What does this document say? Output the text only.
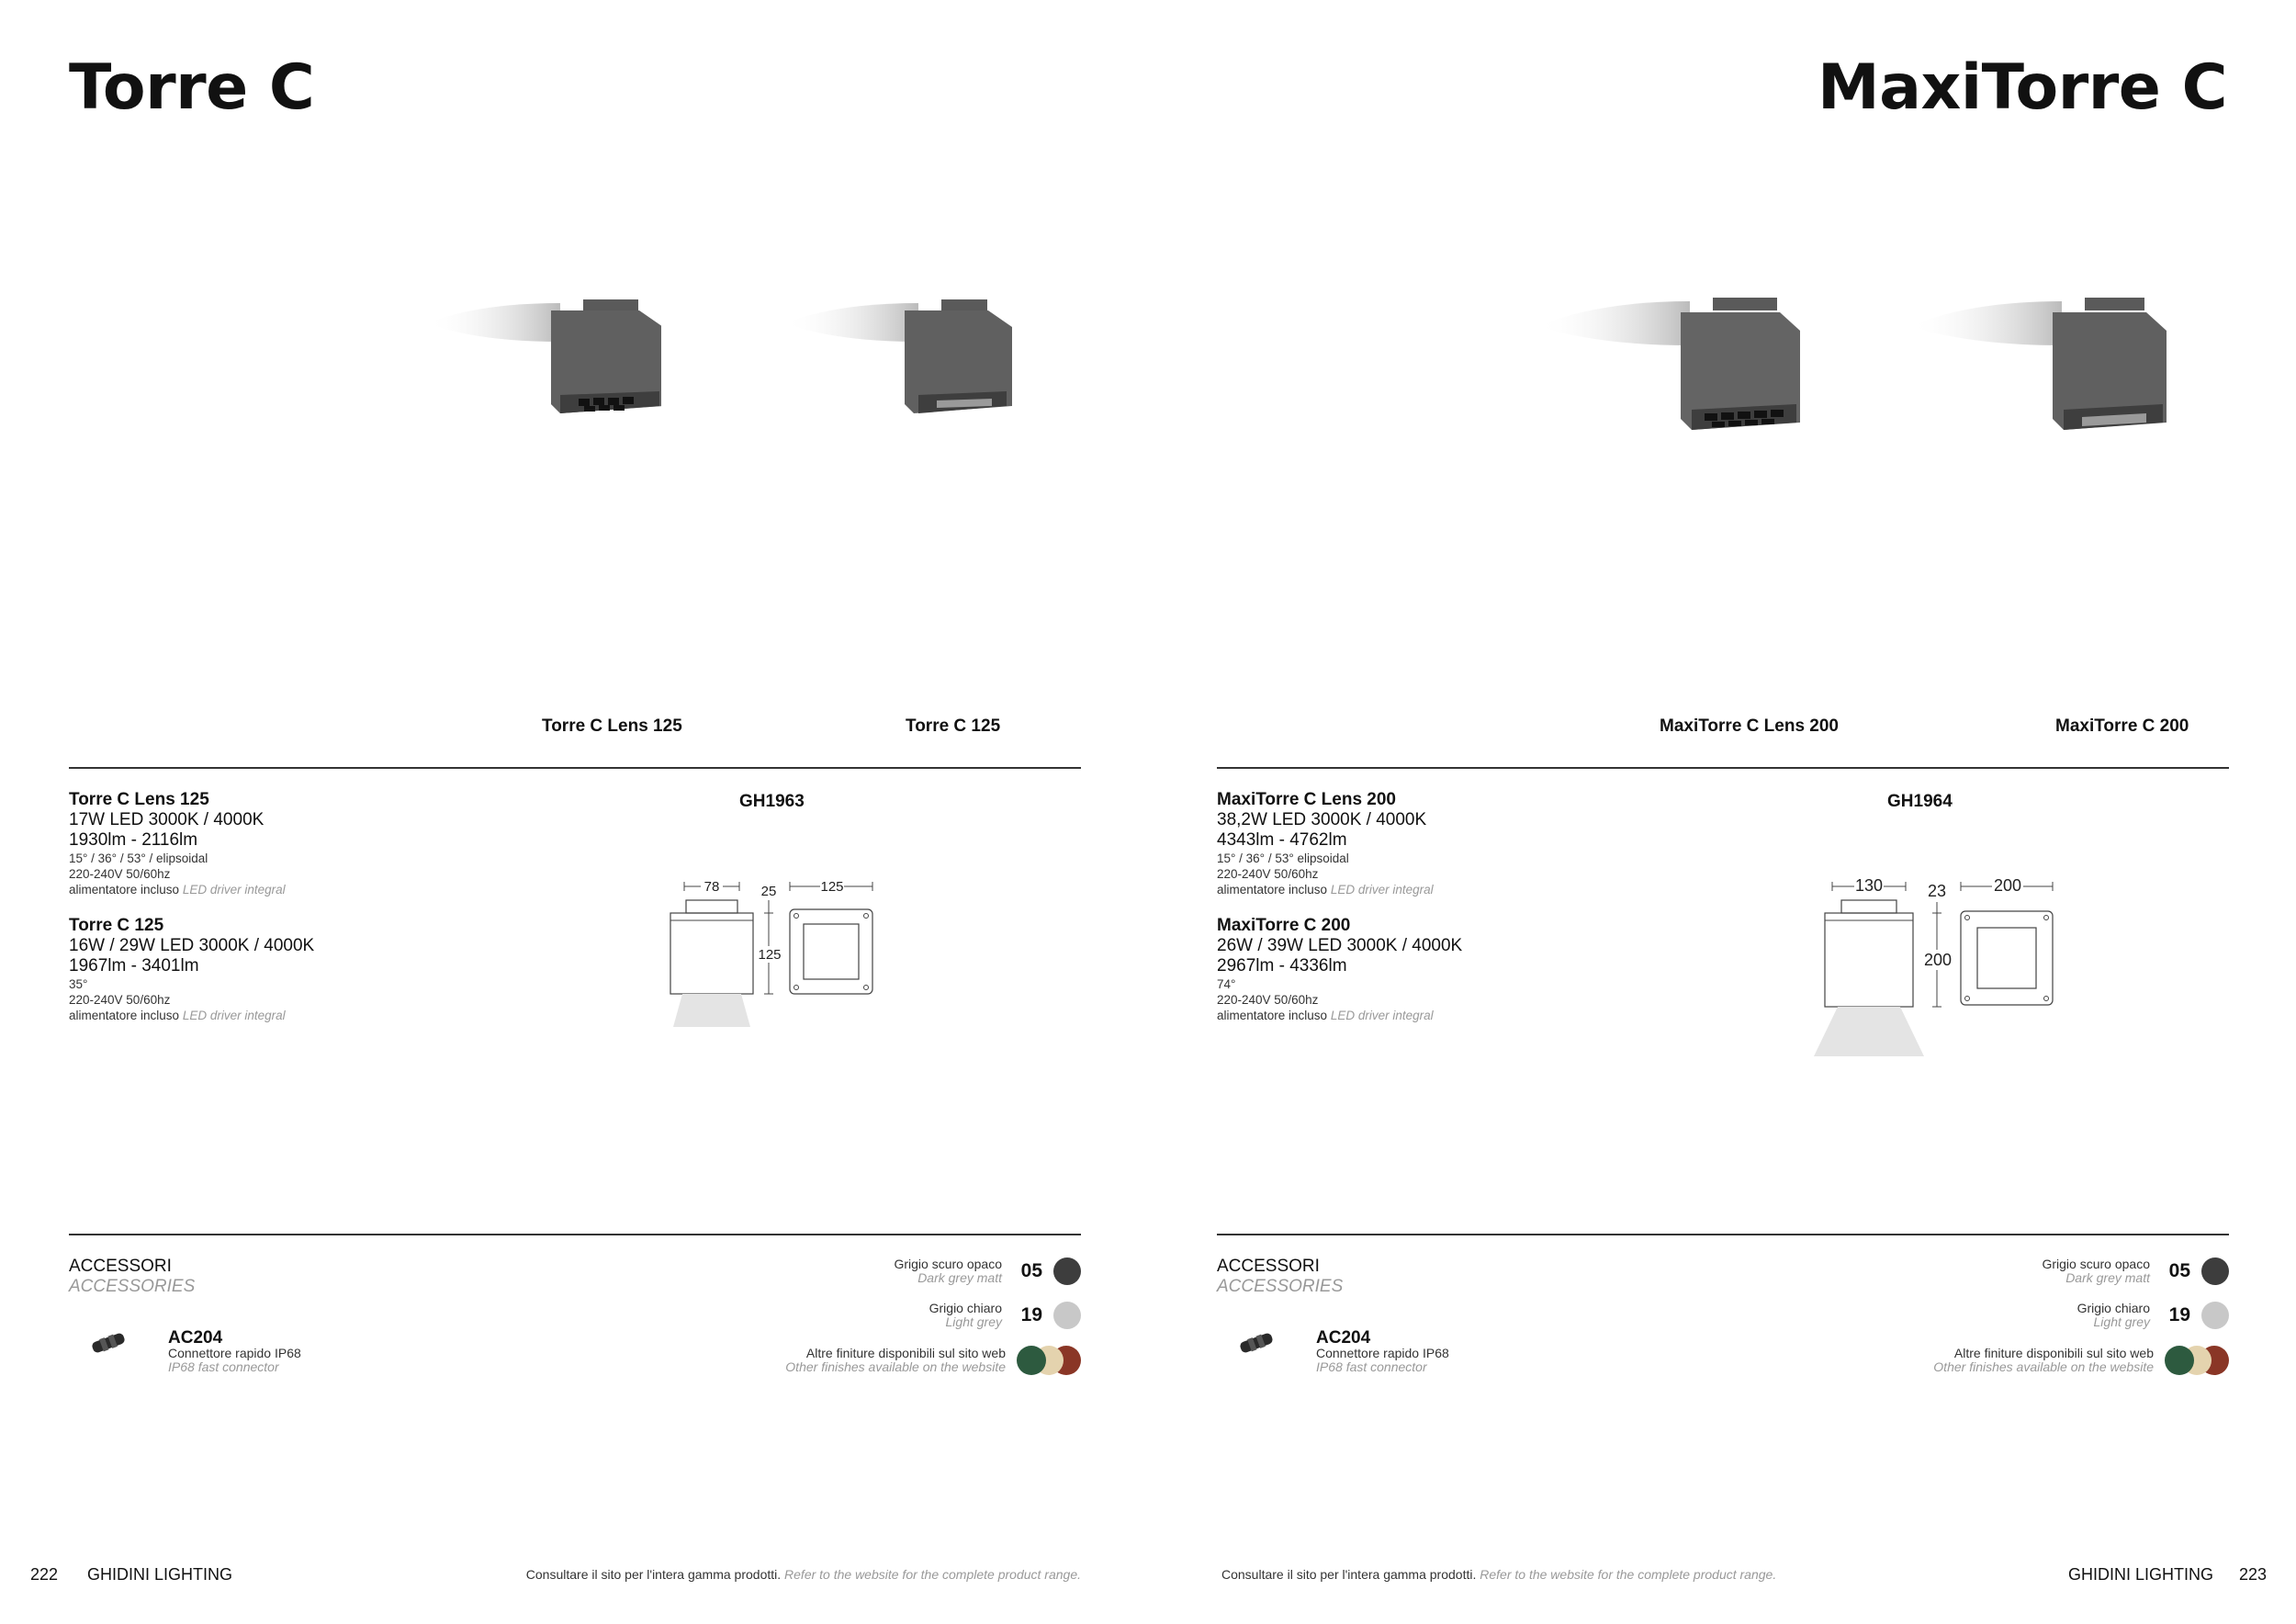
Torre C
Torre C Lens 125	Torre C 125
Torre C Lens 125
17W LED 3000K / 4000K
1930lm - 2116lm
15° / 36° / 53° / elipsoidal
220-240V 50/60hz
alimentatore incluso LED driver integral
Torre C 125
16W / 29W LED 3000K / 4000K
1967lm - 3401lm
35°
220-240V 50/60hz
alimentatore incluso LED driver integral
GH1963
78	25
125
125
ACCESSORI
ACCESSORIES
AC204
Connettore rapido IP68
IP68 fast connector
Grigio scuro opaco
Dark grey matt 05
Grigio chiaro
Light grey 19
Altre finiture disponibili sul sito web
Other finishes available on the website
222 GHIDINI LIGHTING	Consultare il sito per l'intera gamma prodotti. Refer to the website for the complete product range.
MaxiTorre C
MaxiTorre C Lens 200	MaxiTorre C 200
MaxiTorre C Lens 200
38,2W LED 3000K / 4000K
4343lm - 4762lm
15° / 36° / 53° elipsoidal
220-240V 50/60hz
alimentatore incluso LED driver integral
MaxiTorre C 200
26W / 39W LED 3000K / 4000K
2967lm - 4336lm
74°
220-240V 50/60hz
alimentatore incluso LED driver integral
GH1964
130	23
200
200
ACCESSORI
ACCESSORIES
AC204
Connettore rapido IP68
IP68 fast connector
Grigio scuro opaco
Dark grey matt 05
Grigio chiaro
Light grey 19
Altre finiture disponibili sul sito web
Other finishes available on the website
Consultare il sito per l'intera gamma prodotti. Refer to the website for the complete product range.	GHIDINI LIGHTING 223
